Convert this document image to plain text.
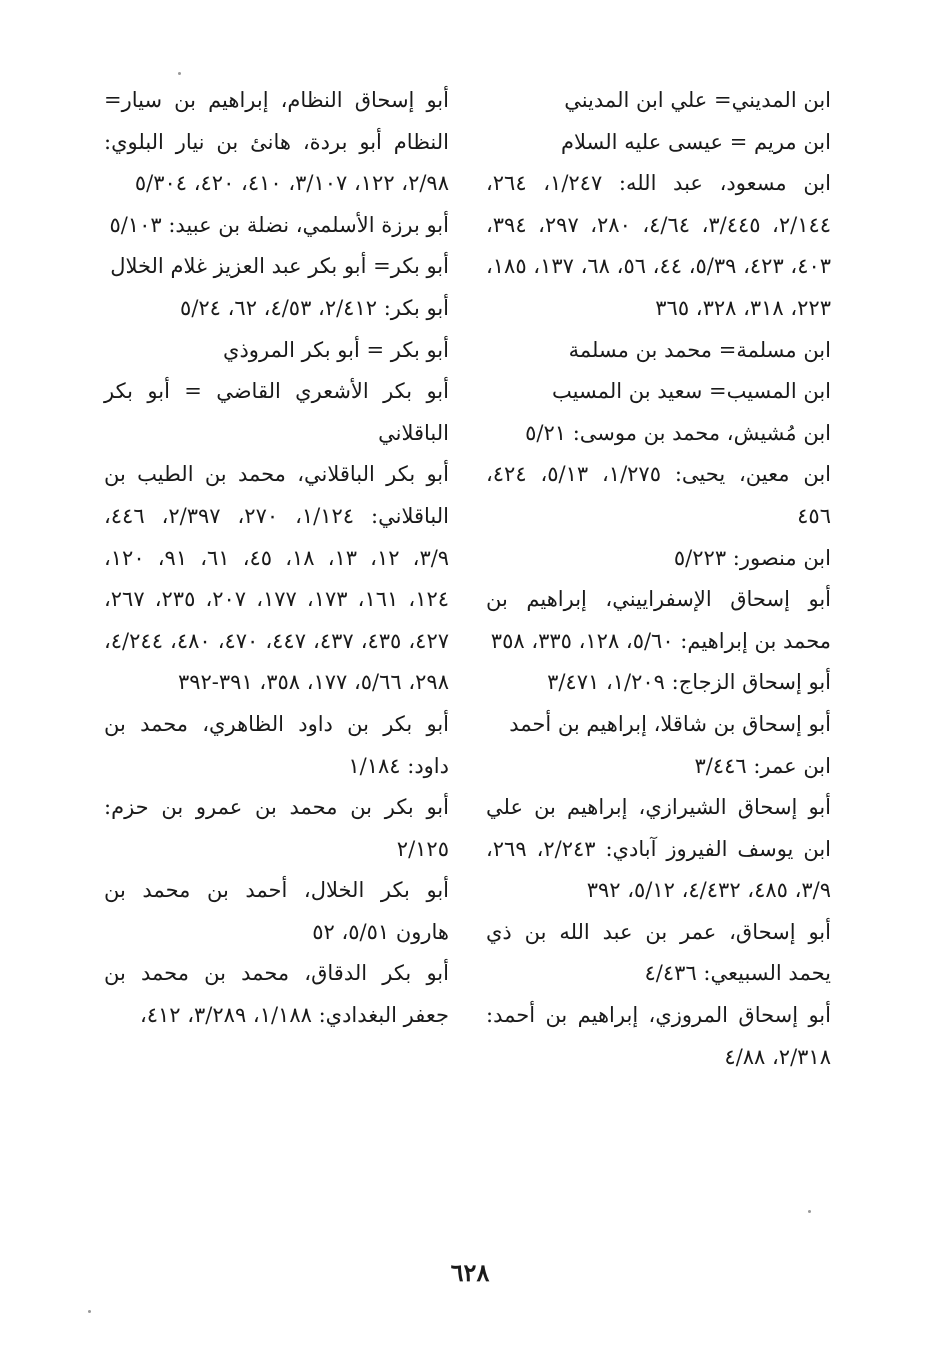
ابن المديني= علي ابن المديني

ابن مريم = عيسى عليه السلام

ابن مسعود، عبد الله: ١/٢٤٧، ٢٦٤، ٢/١٤٤، ٣/٤٤٥، ٤/٦٤، ٢٨٠، ٢٩٧، ٣٩٤، ٤٠٣، ٤٢٣، ٥/٣٩، ٤٤، ٥٦، ٦٨، ١٣٧، ١٨٥، ٢٢٣، ٣١٨، ٣٢٨، ٣٦٥

ابن مسلمة= محمد بن مسلمة

ابن المسيب= سعيد بن المسيب

ابن مُشيش، محمد بن موسى: ٥/٢١

ابن معين، يحيى: ١/٢٧٥، ٥/١٣، ٤٢٤، ٤٥٦

ابن منصور: ٥/٢٢٣

أبو إسحاق الإسفراييني، إبراهيم بن محمد بن إبراهيم: ٥/٦٠، ١٢٨، ٣٣٥، ٣٥٨

أبو إسحاق الزجاج: ١/٢٠٩، ٣/٤٧١

أبو إسحاق بن شاقلا، إبراهيم بن أحمد

ابن عمر: ٣/٤٤٦

أبو إسحاق الشيرازي، إبراهيم بن علي ابن يوسف الفيروز آبادي: ٢/٢٤٣، ٢٦٩، ٣/٩، ٤٨٥، ٤/٤٣٢، ٥/١٢، ٣٩٢

أبو إسحاق، عمر بن عبد الله بن ذي يحمد السبيعي: ٤/٤٣٦

أبو إسحاق المروزي، إبراهيم بن أحمد: ٢/٣١٨، ٤/٨٨

أبو إسحاق النظام، إبراهيم بن سيار= النظام أبو بردة، هانئ بن نيار البلوي: ٢/٩٨، ١٢٢، ٣/١٠٧، ٤١٠، ٤٢٠، ٥/٣٠٤

أبو برزة الأسلمي، نضلة بن عبيد: ٥/١٠٣

أبو بكر= أبو بكر عبد العزيز غلام الخلال

أبو بكر: ٢/٤١٢، ٤/٥٣، ٦٢، ٥/٢٤

أبو بكر = أبو بكر المروذي

أبو بكر الأشعري القاضي = أبو بكر الباقلاني

أبو بكر الباقلاني، محمد بن الطيب بن الباقلاني: ١/١٢٤، ٢٧٠، ٢/٣٩٧، ٤٤٦، ٣/٩، ١٢، ١٣، ١٨، ٤٥، ٦١، ٩١، ١٢٠، ١٢٤، ١٦١، ١٧٣، ١٧٧، ٢٠٧، ٢٣٥، ٢٦٧، ٤٢٧، ٤٣٥، ٤٣٧، ٤٤٧، ٤٧٠، ٤٨٠، ٤/٢٤٤، ٢٩٨، ٥/٦٦، ١٧٧، ٣٥٨، ٣٩١-٣٩٢

أبو بكر بن داود الظاهري، محمد بن داود: ١/١٨٤

أبو بكر بن محمد بن عمرو بن حزم: ٢/١٢٥

أبو بكر الخلال، أحمد بن محمد بن هارون ٥/٥١، ٥٢

أبو بكر الدقاق، محمد بن محمد بن جعفر البغدادي: ١/١٨٨، ٣/٢٨٩، ٤١٢،

٦٢٨
